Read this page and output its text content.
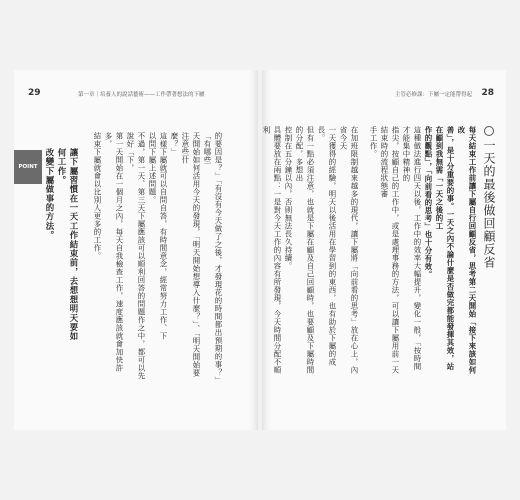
29	第一章｜培養人的說話藝術——工作帶著想法的下屬
POINT	讓下屬習慣在一天工作結束前，去想想明天要如何工作。
改變下屬做事的方法。	的要因是？」「有沒有今天做了之後，才發現花的時間都出預期的事？」「有哪些
天開始如何活用今天的發現，「明天開始想導入什麼？」、「明天開始要注意些什
麼？」
這樣下屬就可以自問自答，有時間意念，經常努力工作、下
以問下屬上述問題。
不過，第一天、第三天下屬應該可以順利回答的問題作之中，都可以先說好「下，
第一天開始在一個月之內，每天自我檢查工作，速度應該就會加快許多，
結束下屬就會以比別人更多的工作。
28
主管必修課：下屬一定能帶得起
一天的最後做回顧反省
每天結束工作前讓下屬自行回顧反省，思考第二天開始「接下來該如何改
善」，是十分重要的事。一天之內不論什麼是否做完都能發揮其效，站在顧到我無需「一天之後的工
作的觀點」，「向前看的思考」也十分有效。
這種做法進行四天以後，工作中的效率大幅提升，變化一般，「按時間才能集中精神的
指尖，按顧自己的工作中，或是處理事務的方法，可以讓下屬用前一天結束時的流程狀態審
手工作。
在加班限制越來越多的現代，讓下屬將「向前看的思考」放在心上，內省今天
一天獲得的經驗，明天以後活用在學習到的東西，也有助於下屬的成長。
但有一點必須注意，也就是下屬在顧及自己回顧時，也要顧及下屬時間的分配，多想出
控制在五分鐘以內，否則無法長久持續。
具體要放在兩點：一是對今天工作的內容有所發現，今天時間分配不順利
